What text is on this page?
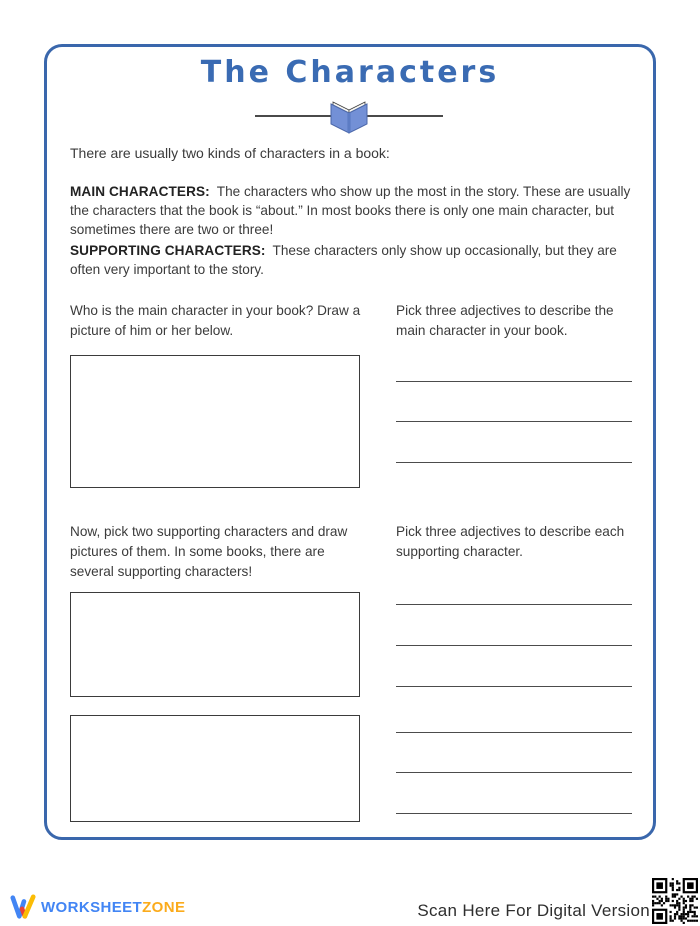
The Characters
There are usually two kinds of characters in a book:

MAIN CHARACTERS: The characters who show up the most in the story. These are usually the characters that the book is “about.” In most books there is only one main character, but sometimes there are two or three!

SUPPORTING CHARACTERS: These characters only show up occasionally, but they are often very important to the story.

Who is the main character in your book? Draw a picture of him or her below.
Pick three adjectives to describe the main character in your book.
Now, pick two supporting characters and draw pictures of them. In some books, there are several supporting characters!
Pick three adjectives to describe each supporting character.
WORKSHEETZONE	Scan Here For Digital Version
